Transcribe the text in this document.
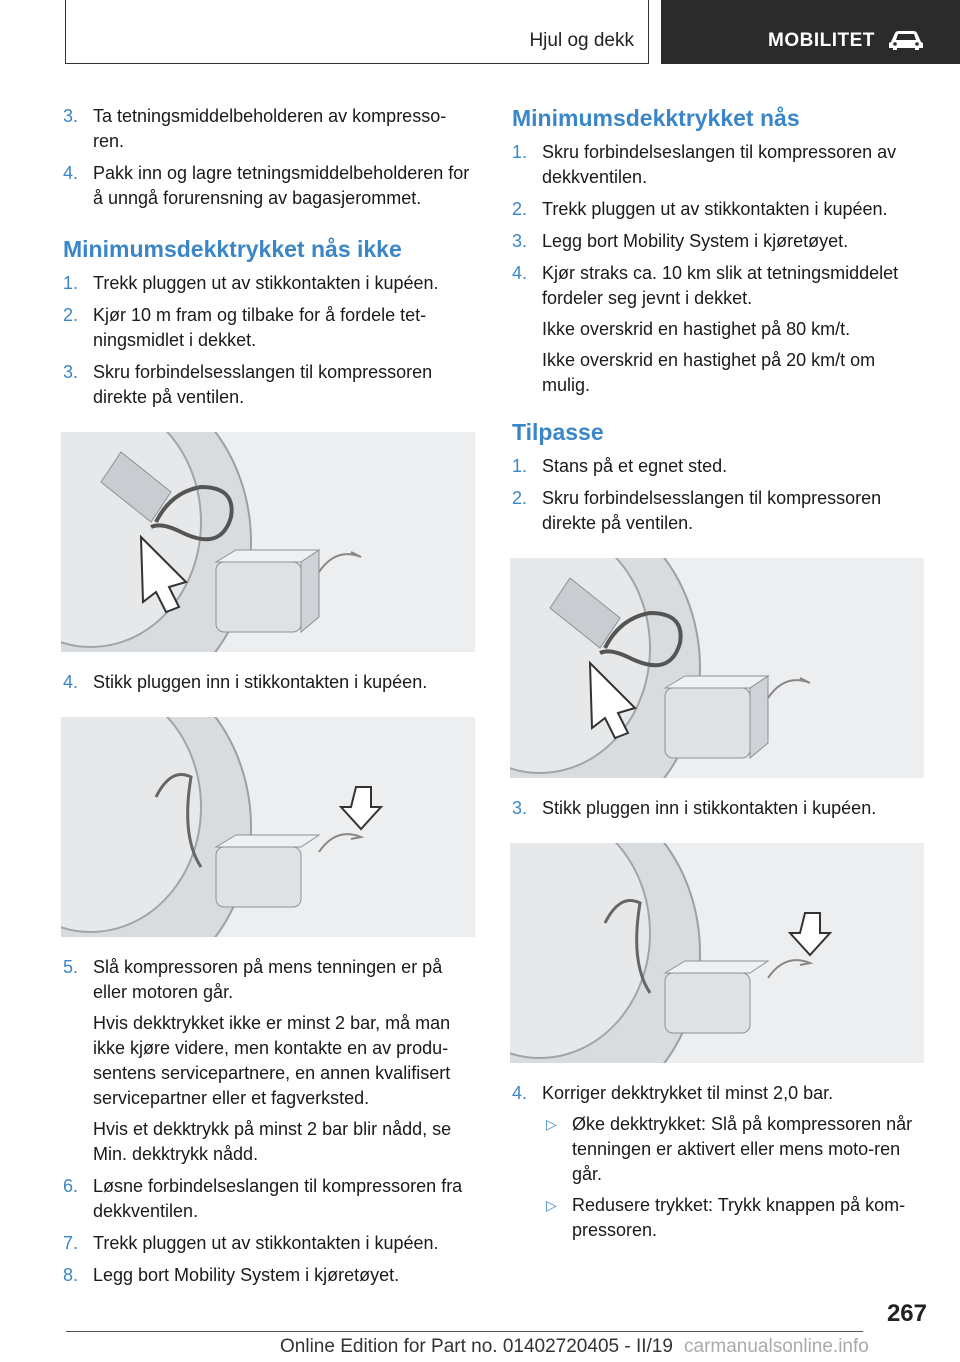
Hjul og dekk	MOBILITET
3. Ta tetningsmiddelbeholderen av kompresso-ren.
4. Pakk inn og lagre tetningsmiddelbeholderen for å unngå forurensning av bagasjerommet.
Minimumsdekktrykket nås ikke
1. Trekk pluggen ut av stikkontakten i kupéen.
2. Kjør 10 m fram og tilbake for å fordele tet-ningsmidlet i dekket.
3. Skru forbindelsesslangen til kompressoren direkte på ventilen.
4. Stikk pluggen inn i stikkontakten i kupéen.
5. Slå kompressoren på mens tenningen er på eller motoren går.
Hvis dekktrykket ikke er minst 2 bar, må man ikke kjøre videre, men kontakte en av produ-sentens servicepartnere, en annen kvalifisert servicepartner eller et fagverksted.
Hvis et dekktrykk på minst 2 bar blir nådd, se Min. dekktrykk nådd.
6. Løsne forbindelseslangen til kompressoren fra dekkventilen.
7. Trekk pluggen ut av stikkontakten i kupéen.
8. Legg bort Mobility System i kjøretøyet.
Minimumsdekktrykket nås
1. Skru forbindelseslangen til kompressoren av dekkventilen.
2. Trekk pluggen ut av stikkontakten i kupéen.
3. Legg bort Mobility System i kjøretøyet.
4. Kjør straks ca. 10 km slik at tetningsmiddelet fordeler seg jevnt i dekket.
Ikke overskrid en hastighet på 80 km/t.
Ikke overskrid en hastighet på 20 km/t om mulig.
Tilpasse
1. Stans på et egnet sted.
2. Skru forbindelsesslangen til kompressoren direkte på ventilen.
3. Stikk pluggen inn i stikkontakten i kupéen.
4. Korriger dekktrykket til minst 2,0 bar.
▷ Øke dekktrykket: Slå på kompressoren når tenningen er aktivert eller mens moto-ren går.
▷ Redusere trykket: Trykk knappen på kom-pressoren.
267
Online Edition for Part no. 01402720405 - II/19 carmanualsonline.info
